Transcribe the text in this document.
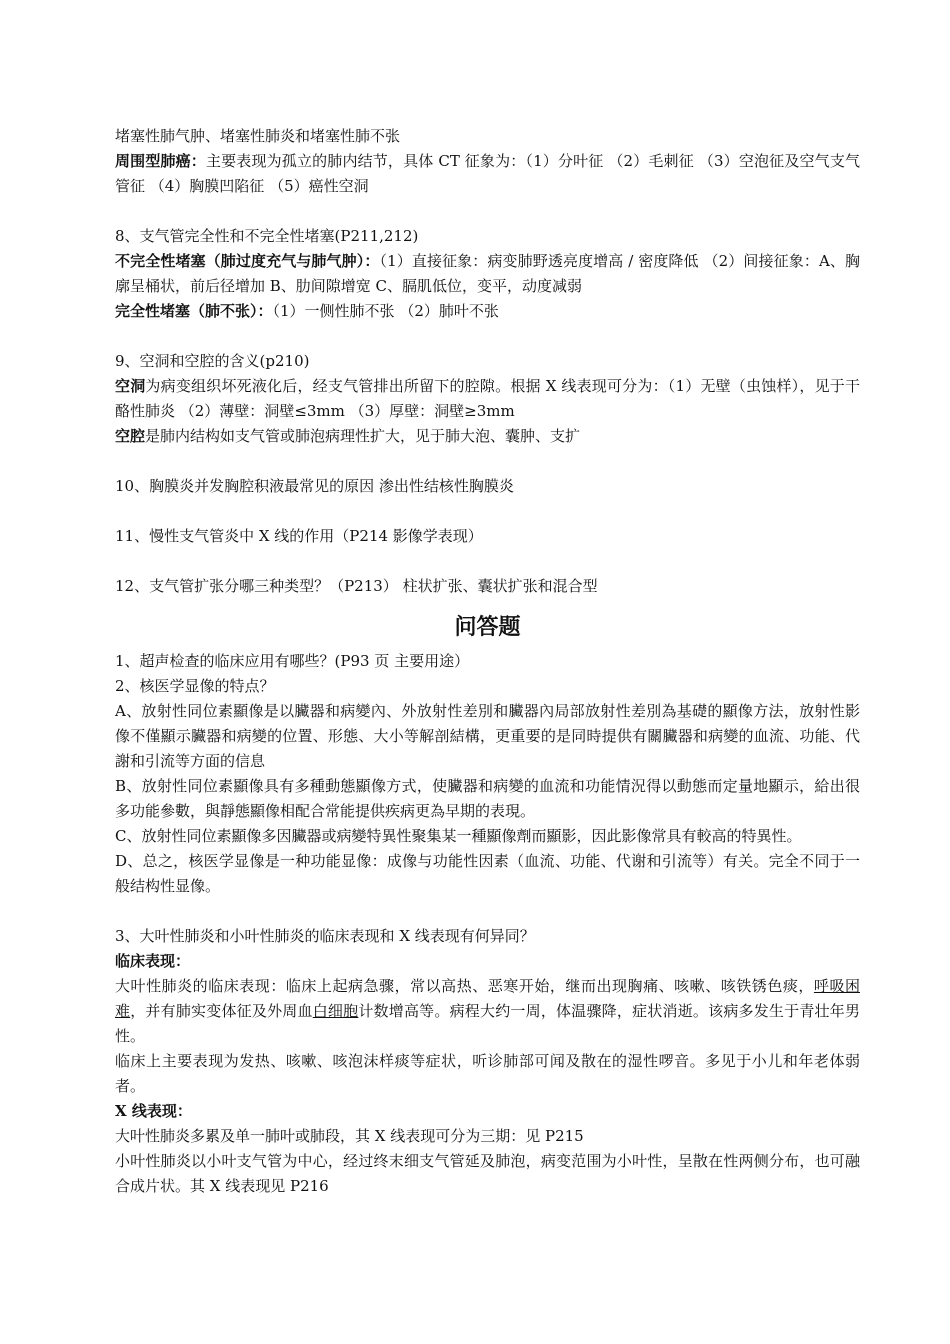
堵塞性肺气肿、堵塞性肺炎和堵塞性肺不张

周围型肺癌：主要表现为孤立的肺内结节，具体 CT 征象为：（1）分叶征 （2）毛刺征 （3）空泡征及空气支气管征 （4）胸膜凹陷征 （5）癌性空洞

8、支气管完全性和不完全性堵塞(P211,212)

不完全性堵塞（肺过度充气与肺气肿）：（1）直接征象：病变肺野透亮度增高 / 密度降低 （2）间接征象：A、胸廓呈桶状，前后径增加 B、肋间隙增宽 C、膈肌低位，变平，动度减弱

完全性堵塞（肺不张）：（1）一侧性肺不张 （2）肺叶不张

9、空洞和空腔的含义(p210)

空洞为病变组织坏死液化后，经支气管排出所留下的腔隙。根据 X 线表现可分为：（1）无壁（虫蚀样），见于干酪性肺炎 （2）薄壁：洞壁≤3mm （3）厚壁：洞壁≥3mm

空腔是肺内结构如支气管或肺泡病理性扩大，见于肺大泡、囊肿、支扩

10、胸膜炎并发胸腔积液最常见的原因 渗出性结核性胸膜炎

11、慢性支气管炎中 X 线的作用（P214 影像学表现）

12、支气管扩张分哪三种类型？（P213） 柱状扩张、囊状扩张和混合型

问答题

1、超声检查的临床应用有哪些？(P93 页 主要用途）

2、核医学显像的特点？

A、放射性同位素顯像是以臟器和病變內、外放射性差別和臟器內局部放射性差別為基礎的顯像方法，放射性影像不僅顯示臟器和病變的位置、形態、大小等解剖結構，更重要的是同時提供有關臟器和病變的血流、功能、代謝和引流等方面的信息

B、放射性同位素顯像具有多種動態顯像方式，使臟器和病變的血流和功能情況得以動態而定量地顯示，給出很多功能參數，與靜態顯像相配合常能提供疾病更為早期的表現。

C、放射性同位素顯像多因臟器或病變特異性聚集某一種顯像劑而顯影，因此影像常具有較高的特異性。

D、总之，核医学显像是一种功能显像：成像与功能性因素（血流、功能、代谢和引流等）有关。完全不同于一般结构性显像。

3、大叶性肺炎和小叶性肺炎的临床表现和 X 线表现有何异同？

临床表现：

大叶性肺炎的临床表现：临床上起病急骤，常以高热、恶寒开始，继而出现胸痛、咳嗽、咳铁锈色痰，呼吸困难，并有肺实变体征及外周血白细胞计数增高等。病程大约一周，体温骤降，症状消逝。该病多发生于青壮年男性。

临床上主要表现为发热、咳嗽、咳泡沫样痰等症状，听诊肺部可闻及散在的湿性啰音。多见于小儿和年老体弱者。

X 线表现：

大叶性肺炎多累及单一肺叶或肺段，其 X 线表现可分为三期：见 P215

小叶性肺炎以小叶支气管为中心，经过终末细支气管延及肺泡，病变范围为小叶性，呈散在性两侧分布，也可融合成片状。其 X 线表现见 P216
